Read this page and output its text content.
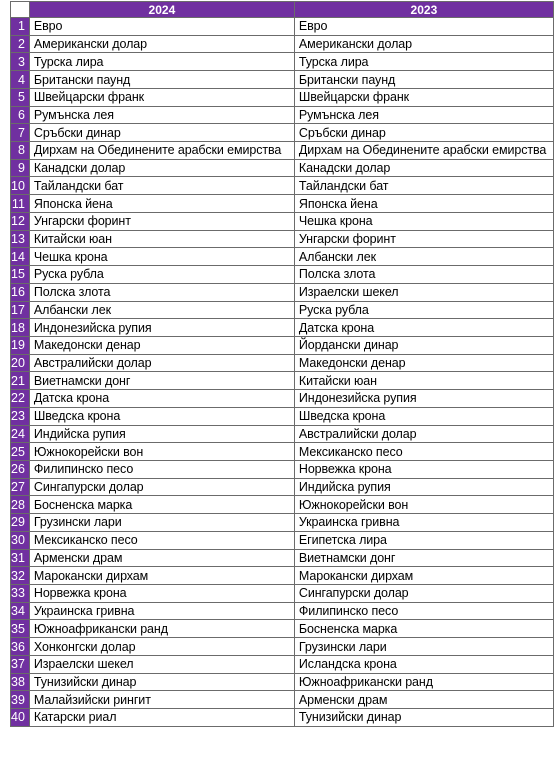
	2024	2023
1	Евро	Евро
2	Американски долар	Американски долар
3	Турска лира	Турска лира
4	Британски паунд	Британски паунд
5	Швейцарски франк	Швейцарски франк
6	Румънска лея	Румънска лея
7	Сръбски динар	Сръбски динар
8	Дирхам на Обединените арабски емирства	Дирхам на Обединените арабски емирства
9	Канадски долар	Канадски долар
10	Тайландски бат	Тайландски бат
11	Японска йена	Японска йена
12	Унгарски форинт	Чешка крона
13	Китайски юан	Унгарски форинт
14	Чешка крона	Албански лек
15	Руска рубла	Полска злота
16	Полска злота	Израелски шекел
17	Албански лек	Руска рубла
18	Индонезийска рупия	Датска крона
19	Македонски денар	Йордански динар
20	Австралийски долар	Македонски денар
21	Виетнамски донг	Китайски юан
22	Датска крона	Индонезийска рупия
23	Шведска крона	Шведска крона
24	Индийска рупия	Австралийски долар
25	Южнокорейски вон	Мексиканско песо
26	Филипинско песо	Норвежка крона
27	Сингапурски долар	Индийска рупия
28	Босненска марка	Южнокорейски вон
29	Грузински лари	Украинска гривна
30	Мексиканско песо	Египетска лира
31	Арменски драм	Виетнамски донг
32	Марокански дирхам	Марокански дирхам
33	Норвежка крона	Сингапурски долар
34	Украинска гривна	Филипинско песо
35	Южноафрикански ранд	Босненска марка
36	Хонконгски долар	Грузински лари
37	Израелски шекел	Исландска крона
38	Тунизийски динар	Южноафрикански ранд
39	Малайзийски рингит	Арменски драм
40	Катарски риал	Тунизийски динар
